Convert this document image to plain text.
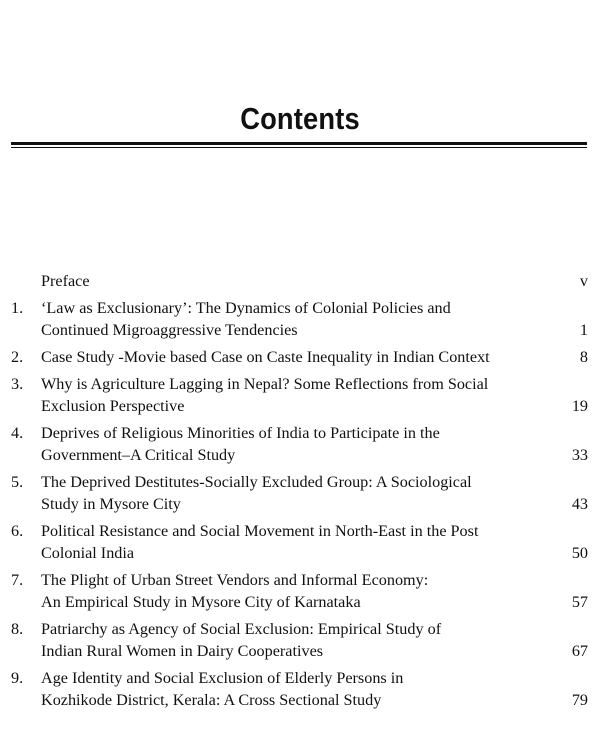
Contents
Preface	v
1.	‘Law as Exclusionary’: The Dynamics of Colonial Policies and
Continued Migroaggressive Tendencies	1
2.	Case Study -Movie based Case on Caste Inequality in Indian Context	8
3.	Why is Agriculture Lagging in Nepal? Some Reflections from Social
Exclusion Perspective	19
4.	Deprives of Religious Minorities of India to Participate in the
Government–A Critical Study	33
5.	The Deprived Destitutes-Socially Excluded Group: A Sociological
Study in Mysore City	43
6.	Political Resistance and Social Movement in North-East in the Post
Colonial India	50
7.	The Plight of Urban Street Vendors and Informal Economy:
An Empirical Study in Mysore City of Karnataka	57
8.	Patriarchy as Agency of Social Exclusion: Empirical Study of
Indian Rural Women in Dairy Cooperatives	67
9.	Age Identity and Social Exclusion of Elderly Persons in
Kozhikode District, Kerala: A Cross Sectional Study	79
